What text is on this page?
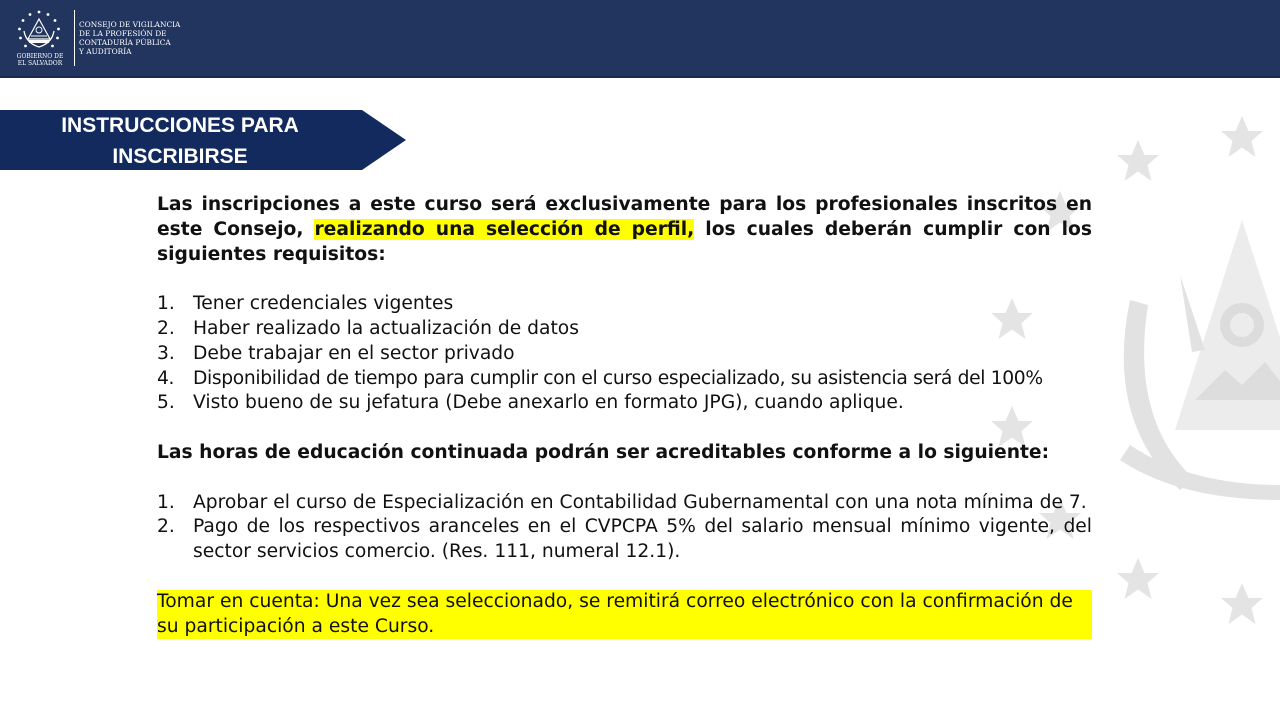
GOBIERNO DE
EL SALVADOR
CONSEJO DE VIGILANCIA
DE LA PROFESIÓN DE
CONTADURÍA PÚBLICA
Y AUDITORÍA
INSTRUCCIONES PARA
INSCRIBIRSE

Las inscripciones a este curso será exclusivamente para los profesionales inscritos en este Consejo, realizando una selección de perfil, los cuales deberán cumplir con los siguientes requisitos:

1. Tener credenciales vigentes
2. Haber realizado la actualización de datos
3. Debe trabajar en el sector privado
4. Disponibilidad de tiempo para cumplir con el curso especializado, su asistencia será del 100%
5. Visto bueno de su jefatura (Debe anexarlo en formato JPG), cuando aplique.

Las horas de educación continuada podrán ser acreditables conforme a lo siguiente:

1. Aprobar el curso de Especialización en Contabilidad Gubernamental con una nota mínima de 7.
2. Pago de los respectivos aranceles en el CVPCPA 5% del salario mensual mínimo vigente, del sector servicios comercio. (Res. 111, numeral 12.1).

Tomar en cuenta: Una vez sea seleccionado, se remitirá correo electrónico con la confirmación de su participación a este Curso.
